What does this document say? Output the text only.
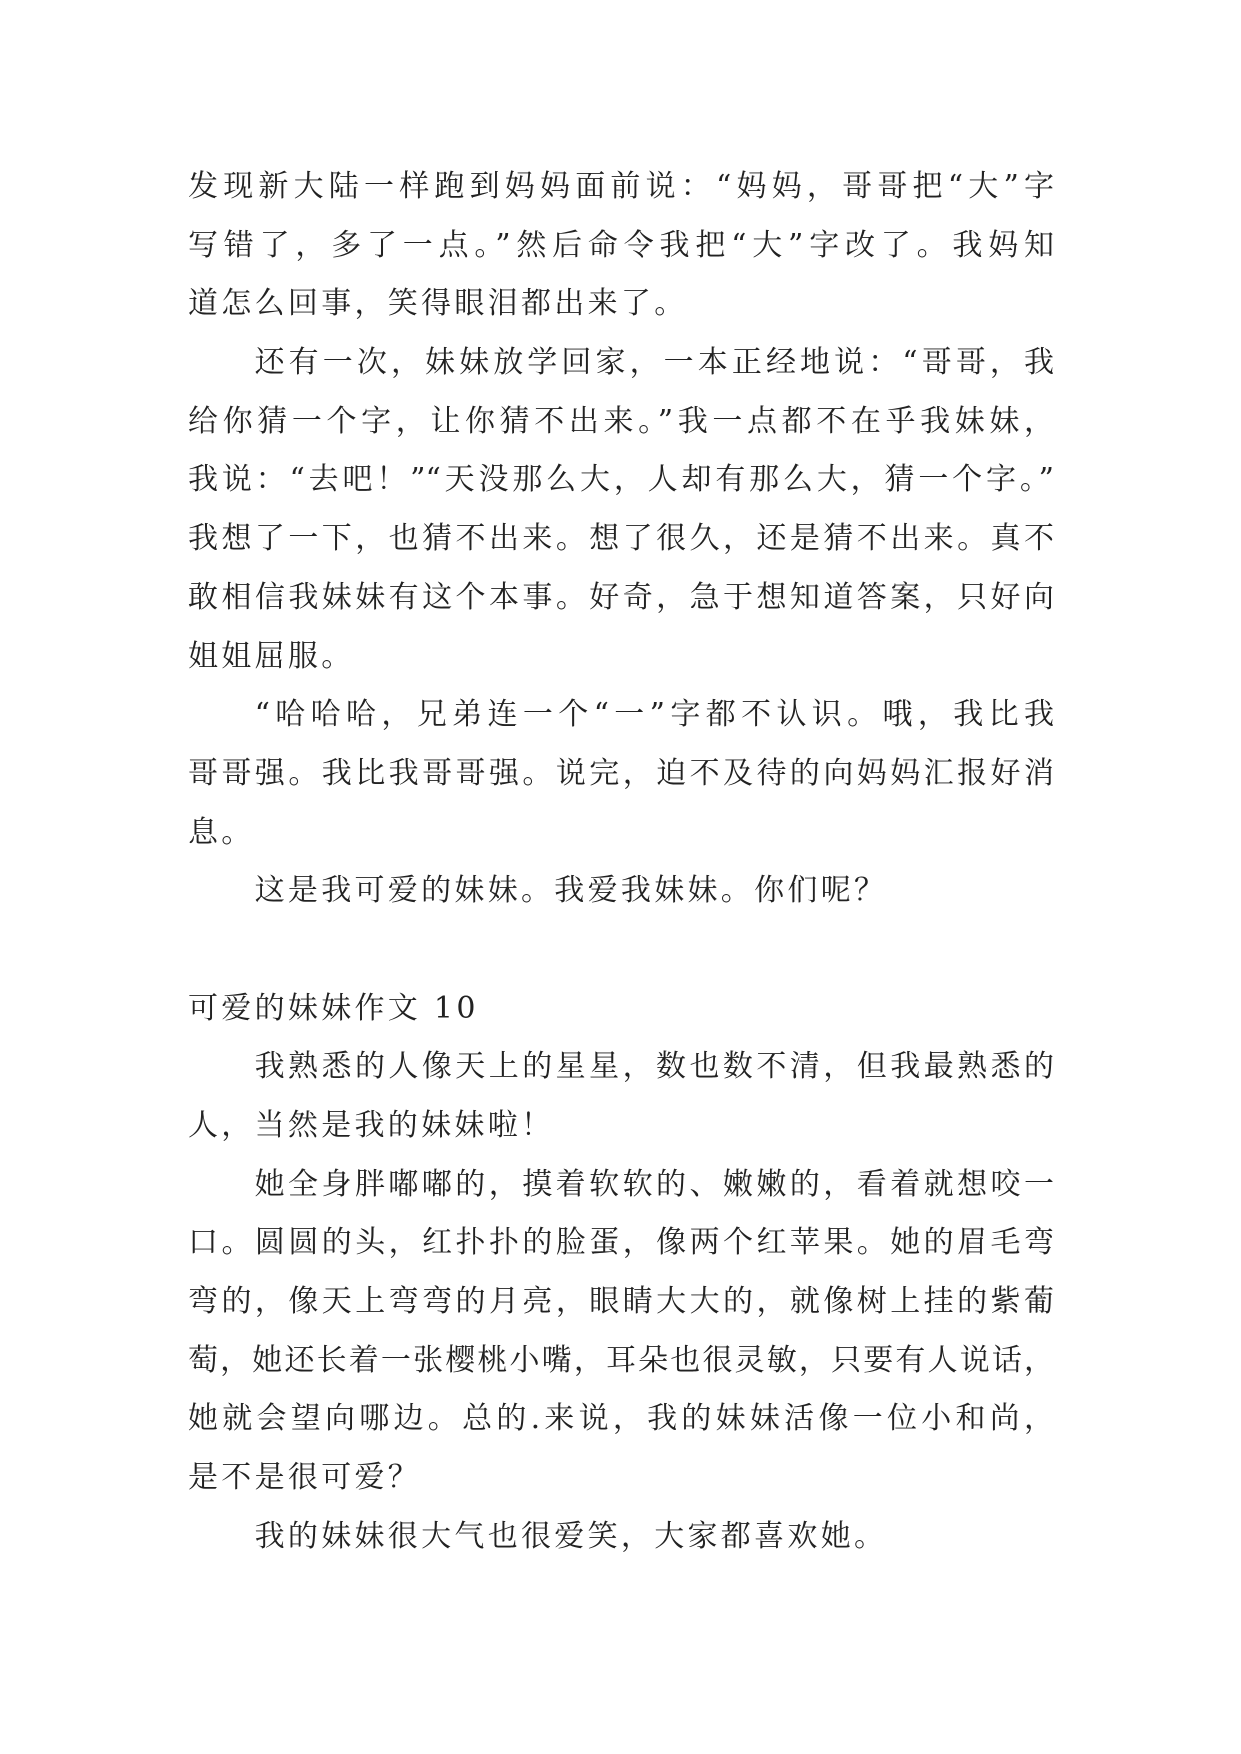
发现新大陆一样跑到妈妈面前说：“妈妈，哥哥把“大”字
写错了，多了一点。”然后命令我把“大”字改了。我妈知
道怎么回事，笑得眼泪都出来了。
还有一次，妹妹放学回家，一本正经地说：“哥哥，我
给你猜一个字，让你猜不出来。”我一点都不在乎我妹妹，
我说：“去吧！”“天没那么大，人却有那么大，猜一个字。”
我想了一下，也猜不出来。想了很久，还是猜不出来。真不
敢相信我妹妹有这个本事。好奇，急于想知道答案，只好向
姐姐屈服。
“哈哈哈，兄弟连一个“一”字都不认识。哦，我比我
哥哥强。我比我哥哥强。说完，迫不及待的向妈妈汇报好消
息。
这是我可爱的妹妹。我爱我妹妹。你们呢？
可爱的妹妹作文 10
我熟悉的人像天上的星星，数也数不清，但我最熟悉的
人，当然是我的妹妹啦！
她全身胖嘟嘟的，摸着软软的、嫩嫩的，看着就想咬一
口。圆圆的头，红扑扑的脸蛋，像两个红苹果。她的眉毛弯
弯的，像天上弯弯的月亮，眼睛大大的，就像树上挂的紫葡
萄，她还长着一张樱桃小嘴，耳朵也很灵敏，只要有人说话，
她就会望向哪边。总的.来说，我的妹妹活像一位小和尚，
是不是很可爱？
我的妹妹很大气也很爱笑，大家都喜欢她。
